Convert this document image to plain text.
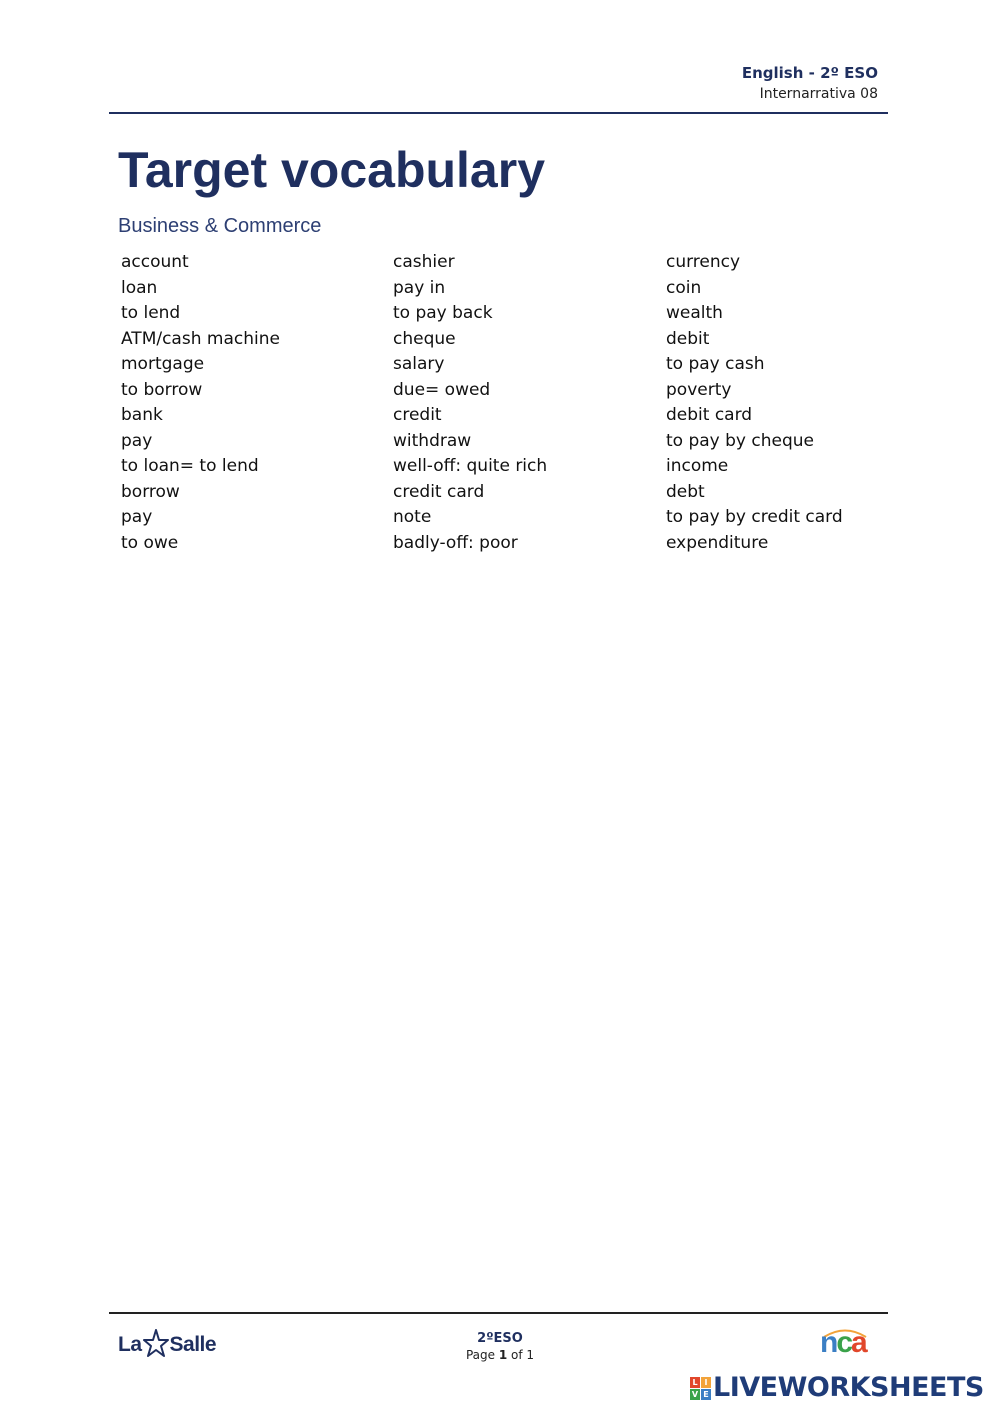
English - 2º ESO
Internarrativa 08
Target vocabulary
Business & Commerce
account
loan
to lend
ATM/cash machine
mortgage
to borrow
bank
pay
to loan= to lend
borrow
pay
to owe
cashier
pay in
to pay back
cheque
salary
due= owed
credit
withdraw
well-off: quite rich
credit card
note
badly-off: poor
currency
coin
wealth
debit
to pay cash
poverty
debit card
to pay by cheque
income
debt
to pay by credit card
expenditure
La Salle	2ºESO
Page 1 of 1	nca
L I
V E LIVEWORKSHEETS
